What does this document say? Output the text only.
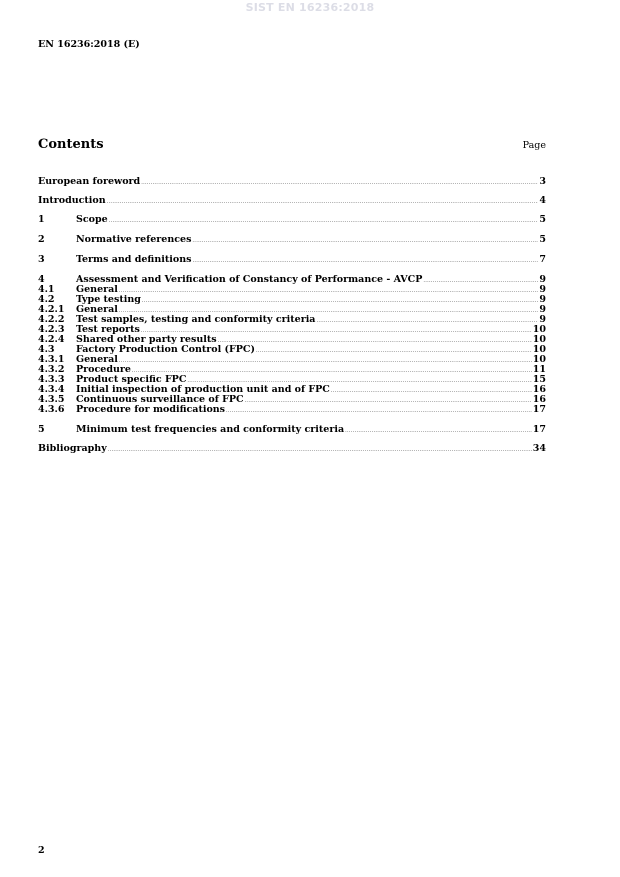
SIST EN 16236:2018
EN 16236:2018 (E)
Contents	Page
European foreword .....	3
Introduction .....	4
1	Scope .....	5
2	Normative references .....	5
3	Terms and definitions .....	7
4	Assessment and Verification of Constancy of Performance - AVCP .....	9
4.1	General .....	9
4.2	Type testing .....	9
4.2.1	General .....	9
4.2.2	Test samples, testing and conformity criteria .....	9
4.2.3	Test reports .....	10
4.2.4	Shared other party results .....	10
4.3	Factory Production Control (FPC) .....	10
4.3.1	General .....	10
4.3.2	Procedure .....	11
4.3.3	Product specific FPC .....	15
4.3.4	Initial inspection of production unit and of FPC .....	16
4.3.5	Continuous surveillance of FPC .....	16
4.3.6	Procedure for modifications .....	17
5	Minimum test frequencies and conformity criteria .....	17
Bibliography .....	34
2
